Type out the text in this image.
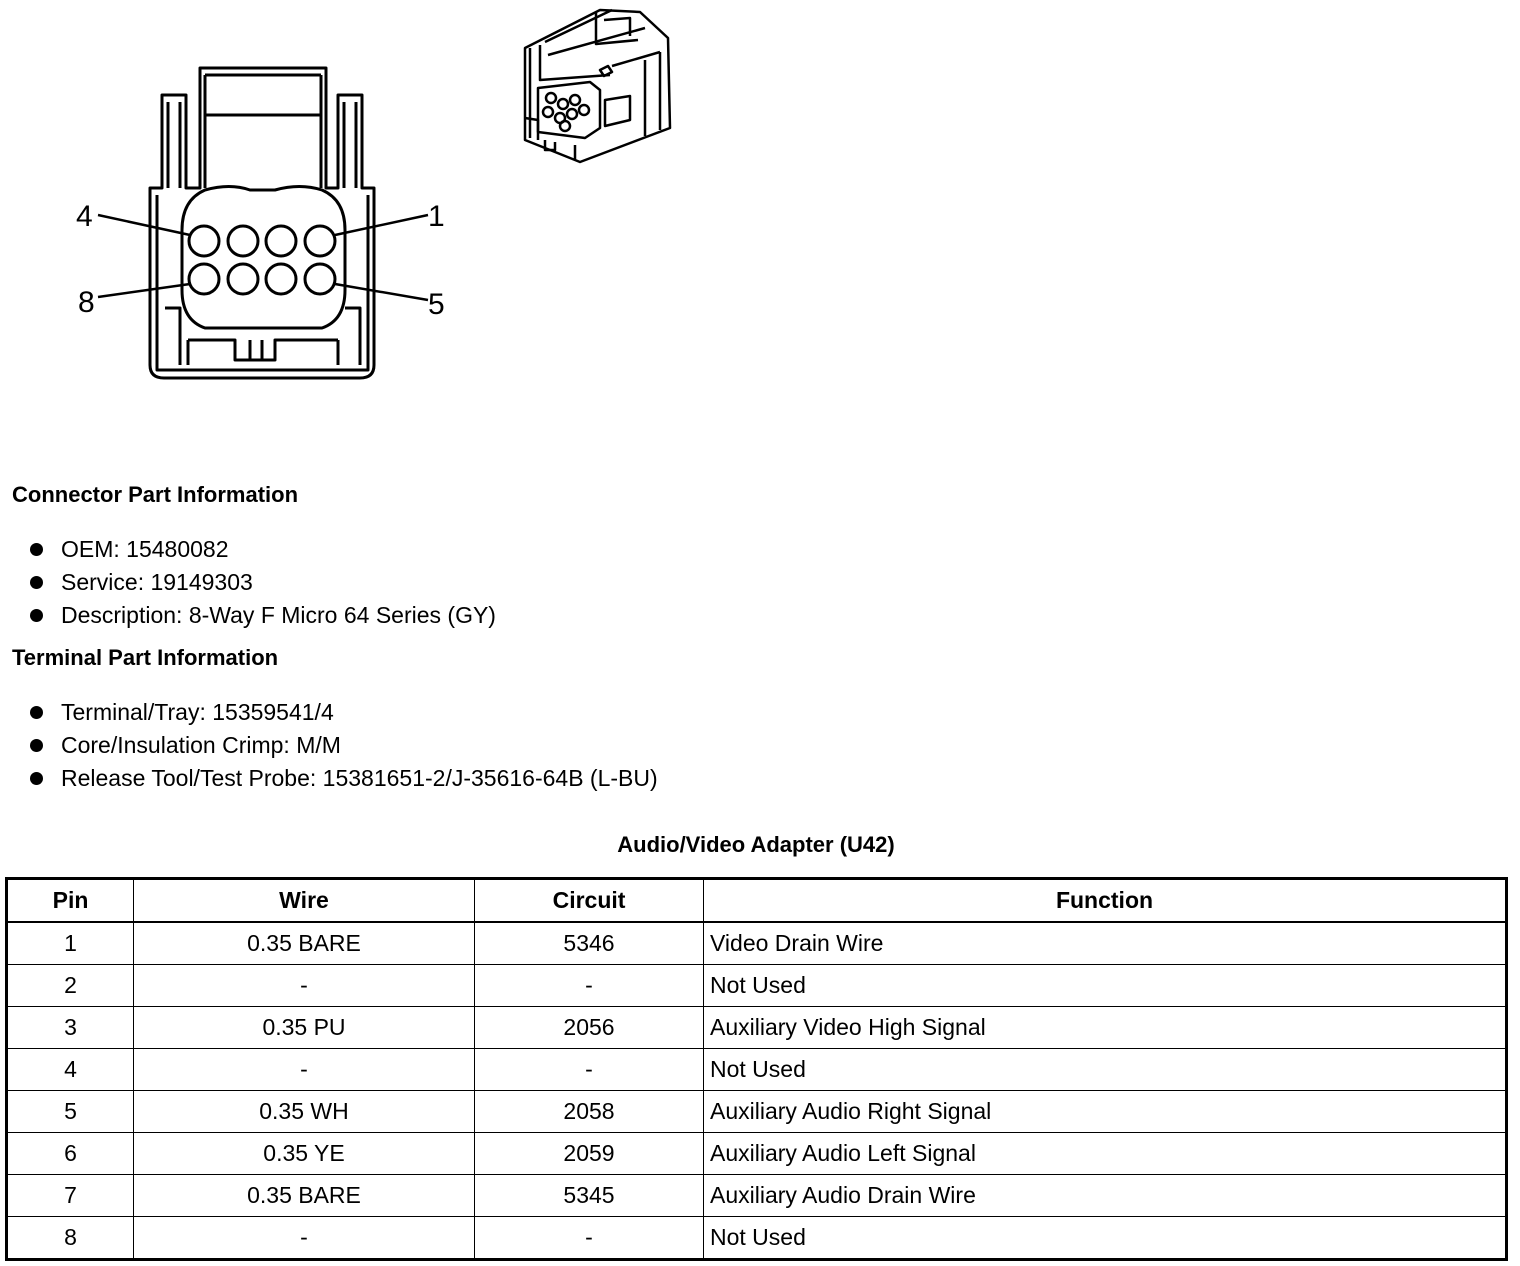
4	1
8	5
Connector Part Information
OEM: 15480082
Service: 19149303
Description: 8-Way F Micro 64 Series (GY)
Terminal Part Information
Terminal/Tray: 15359541/4
Core/Insulation Crimp: M/M
Release Tool/Test Probe: 15381651-2/J-35616-64B (L-BU)
Audio/Video Adapter (U42)
Pin	Wire	Circuit	Function
1	0.35 BARE	5346	Video Drain Wire
2	-	-	Not Used
3	0.35 PU	2056	Auxiliary Video High Signal
4	-	-	Not Used
5	0.35 WH	2058	Auxiliary Audio Right Signal
6	0.35 YE	2059	Auxiliary Audio Left Signal
7	0.35 BARE	5345	Auxiliary Audio Drain Wire
8	-	-	Not Used
